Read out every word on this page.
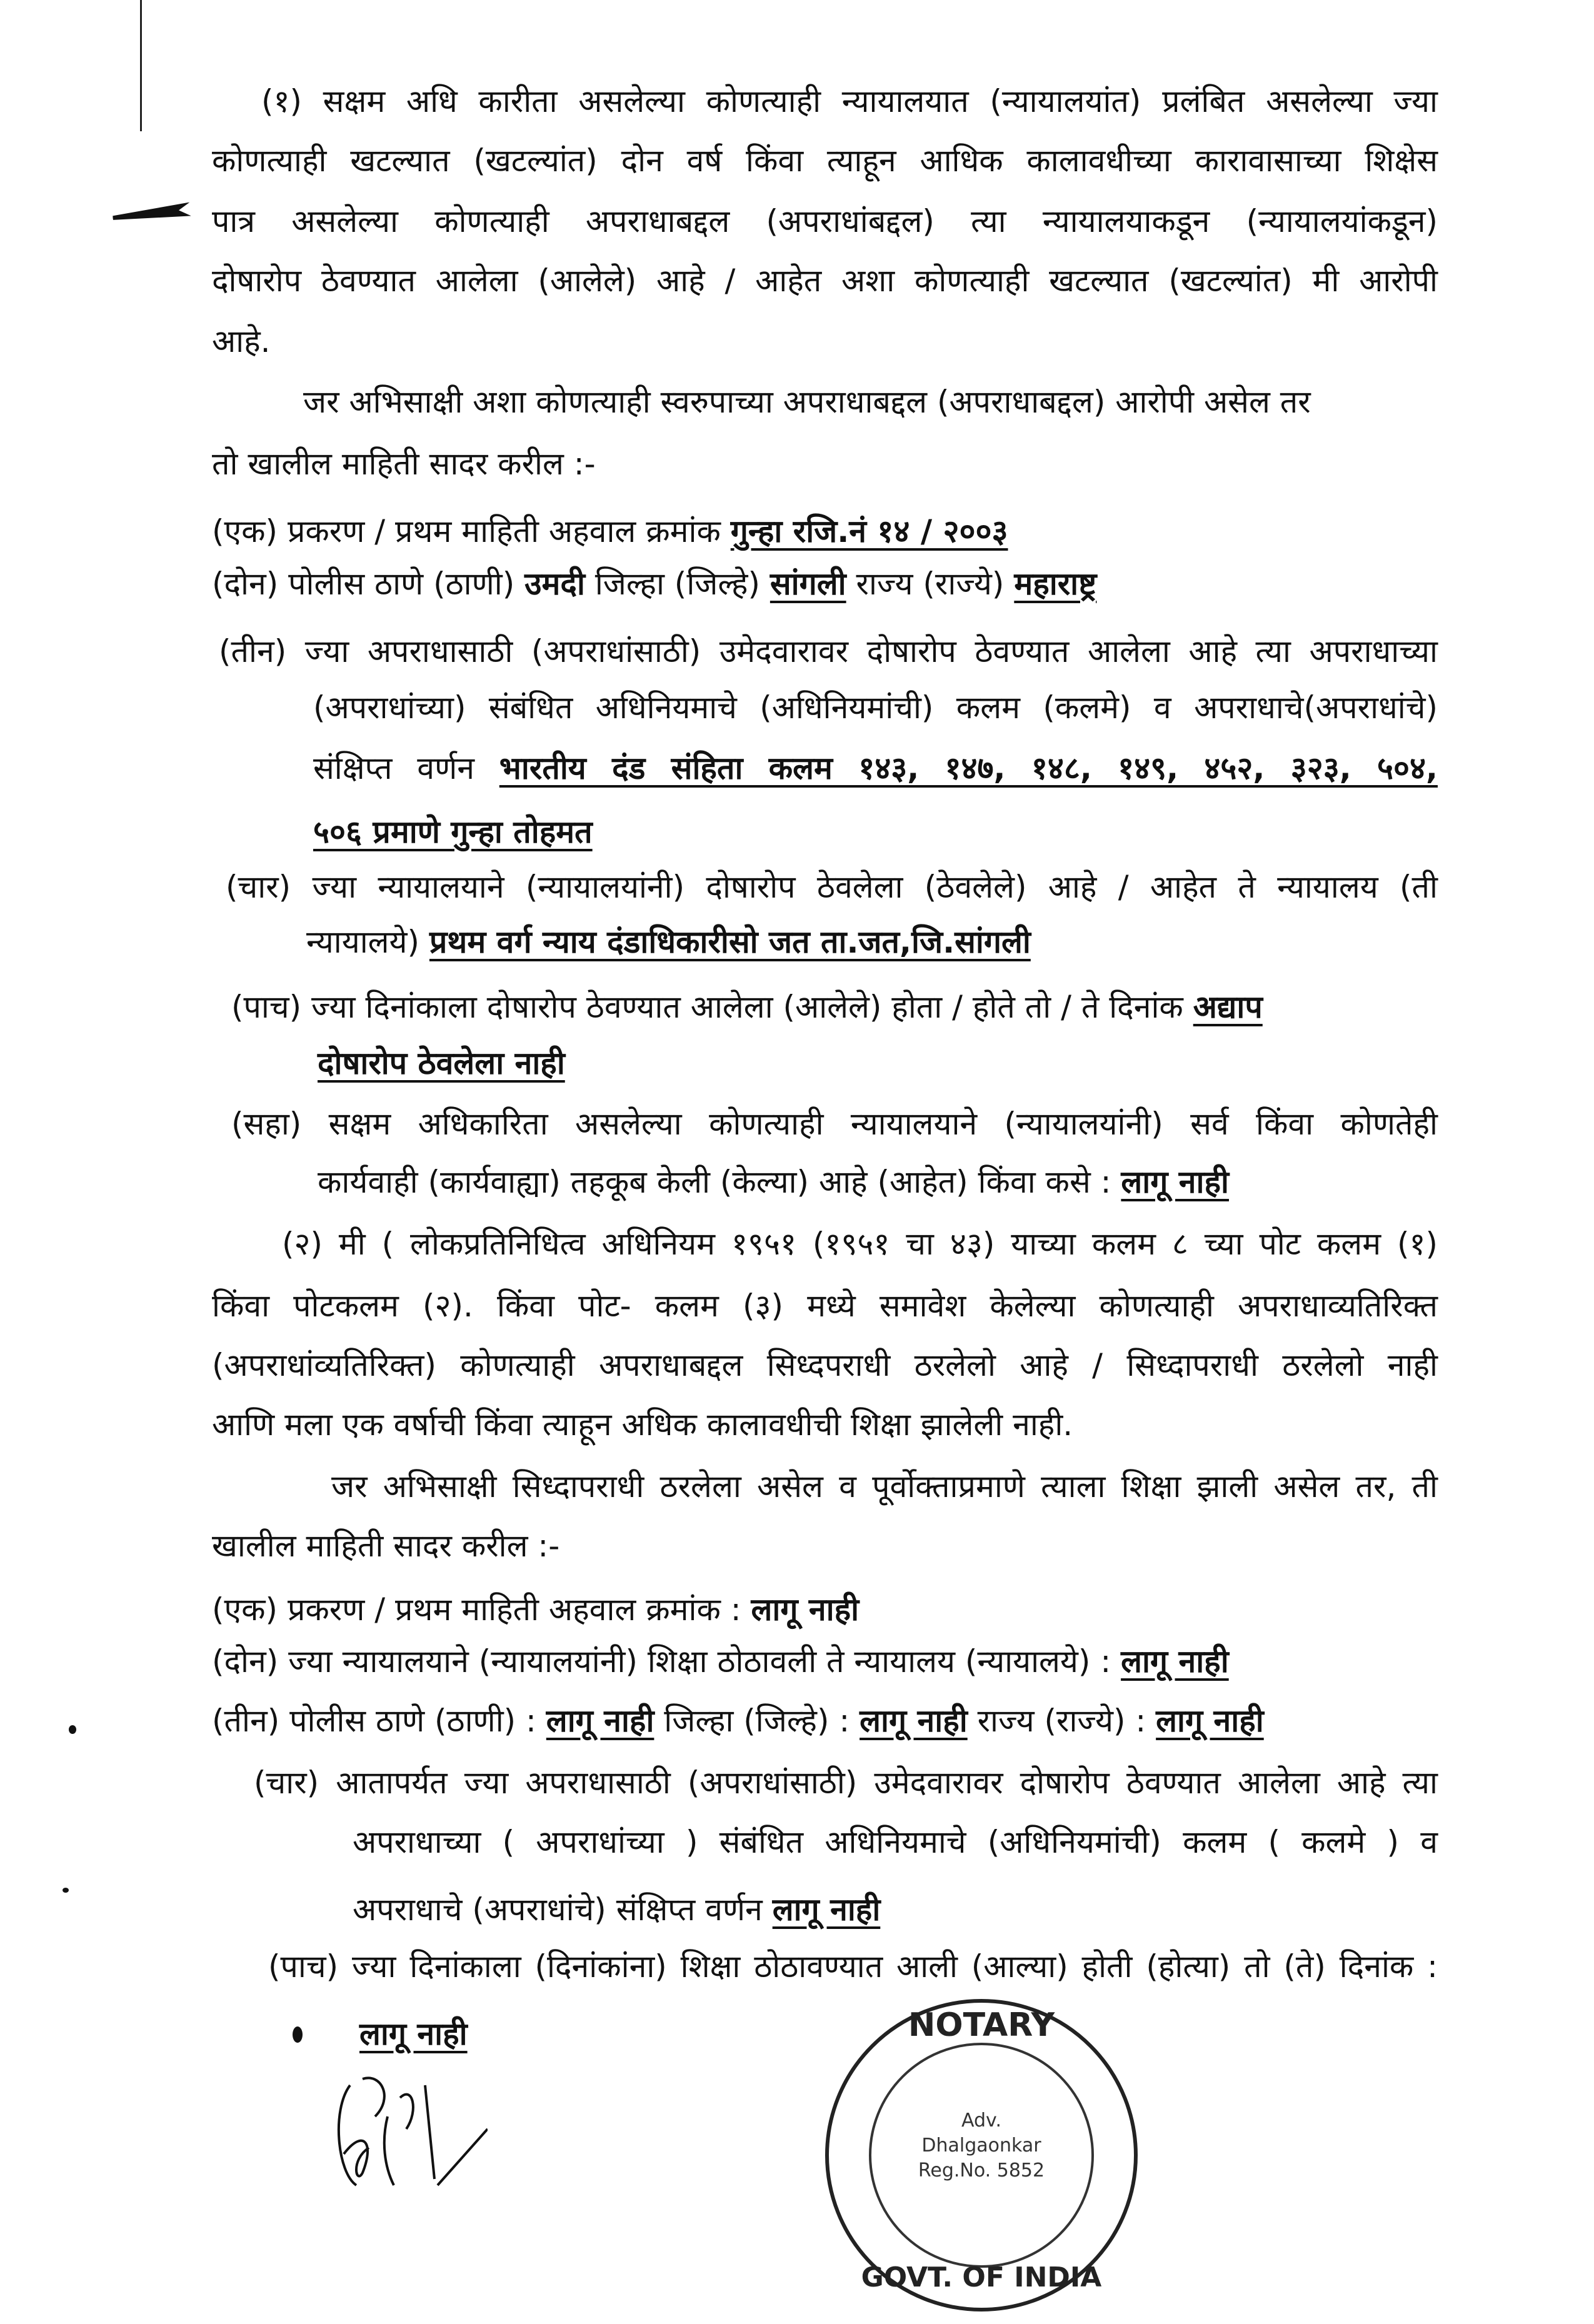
(१) सक्षम अधि कारीता असलेल्या कोणत्याही न्यायालयात (न्यायालयांत) प्रलंबित असलेल्या ज्या
कोणत्याही खटल्यात (खटल्यांत) दोन वर्ष किंवा त्याहून आधिक कालावधीच्या कारावासाच्या शिक्षेस
पात्र असलेल्या कोणत्याही अपराधाबद्दल (अपराधांबद्दल) त्या न्यायालयाकडून (न्यायालयांकडून)
दोषारोप ठेवण्यात आलेला (आलेले) आहे / आहेत अशा कोणत्याही खटल्यात (खटल्यांत) मी आरोपी
आहे.
जर अभिसाक्षी अशा कोणत्याही स्वरुपाच्या अपराधाबद्दल (अपराधाबद्दल) आरोपी असेल तर
तो खालील माहिती सादर करील :-
(एक) प्रकरण / प्रथम माहिती अहवाल क्रमांक गुन्हा रजि.नं १४ / २००३
(दोन) पोलीस ठाणे (ठाणी) उमदी जिल्हा (जिल्हे) सांगली राज्य (राज्ये) महाराष्ट्र
(तीन) ज्या अपराधासाठी (अपराधांसाठी) उमेदवारावर दोषारोप ठेवण्यात आलेला आहे त्या अपराधाच्या
(अपराधांच्या) संबंधित अधिनियमाचे (अधिनियमांची) कलम (कलमे) व अपराधाचे(अपराधांचे)
संक्षिप्त वर्णन भारतीय दंड संहिता कलम १४३, १४७, १४८, १४९, ४५२, ३२३, ५०४,
५०६ प्रमाणे गुन्हा तोहमत
(चार) ज्या न्यायालयाने (न्यायालयांनी) दोषारोप ठेवलेला (ठेवलेले) आहे / आहेत ते न्यायालय (ती
न्यायालये) प्रथम वर्ग न्याय दंडाधिकारीसो जत ता.जत,जि.सांगली
(पाच) ज्या दिनांकाला दोषारोप ठेवण्यात आलेला (आलेले) होता / होते तो / ते दिनांक अद्याप
दोषारोप ठेवलेला नाही
(सहा) सक्षम अधिकारिता असलेल्या कोणत्याही न्यायालयाने (न्यायालयांनी) सर्व किंवा कोणतेही
कार्यवाही (कार्यवाह्या) तहकूब केली (केल्या) आहे (आहेत) किंवा कसे : लागू नाही
(२) मी ( लोकप्रतिनिधित्व अधिनियम १९५१ (१९५१ चा ४३) याच्या कलम ८ च्या पोट कलम (१)
किंवा पोटकलम (२). किंवा पोट- कलम (३) मध्ये समावेश केलेल्या कोणत्याही अपराधाव्यतिरिक्त
(अपराधांव्यतिरिक्त) कोणत्याही अपराधाबद्दल सिध्दपराधी ठरलेलो आहे / सिध्दापराधी ठरलेलो नाही
आणि मला एक वर्षाची किंवा त्याहून अधिक कालावधीची शिक्षा झालेली नाही.
जर अभिसाक्षी सिध्दापराधी ठरलेला असेल व पूर्वोक्ताप्रमाणे त्याला शिक्षा झाली असेल तर, ती
खालील माहिती सादर करील :-
(एक) प्रकरण / प्रथम माहिती अहवाल क्रमांक : लागू नाही
(दोन) ज्या न्यायालयाने (न्यायालयांनी) शिक्षा ठोठावली ते न्यायालय (न्यायालये) : लागू नाही
(तीन) पोलीस ठाणे (ठाणी) : लागू नाही जिल्हा (जिल्हे) : लागू नाही राज्य (राज्ये) : लागू नाही
(चार) आतापर्यत ज्या अपराधासाठी (अपराधांसाठी) उमेदवारावर दोषारोप ठेवण्यात आलेला आहे त्या
अपराधाच्या ( अपराधांच्या ) संबंधित अधिनियमाचे (अधिनियमांची) कलम ( कलमे ) व
अपराधाचे (अपराधांचे) संक्षिप्त वर्णन लागू नाही
(पाच) ज्या दिनांकाला (दिनांकांना) शिक्षा ठोठावण्यात आली (आल्या) होती (होत्या) तो (ते) दिनांक :
लागू नाही	NOTARY
Adv.
Dhalgaonkar
Reg.No. 5852
GOVT. OF INDIA
